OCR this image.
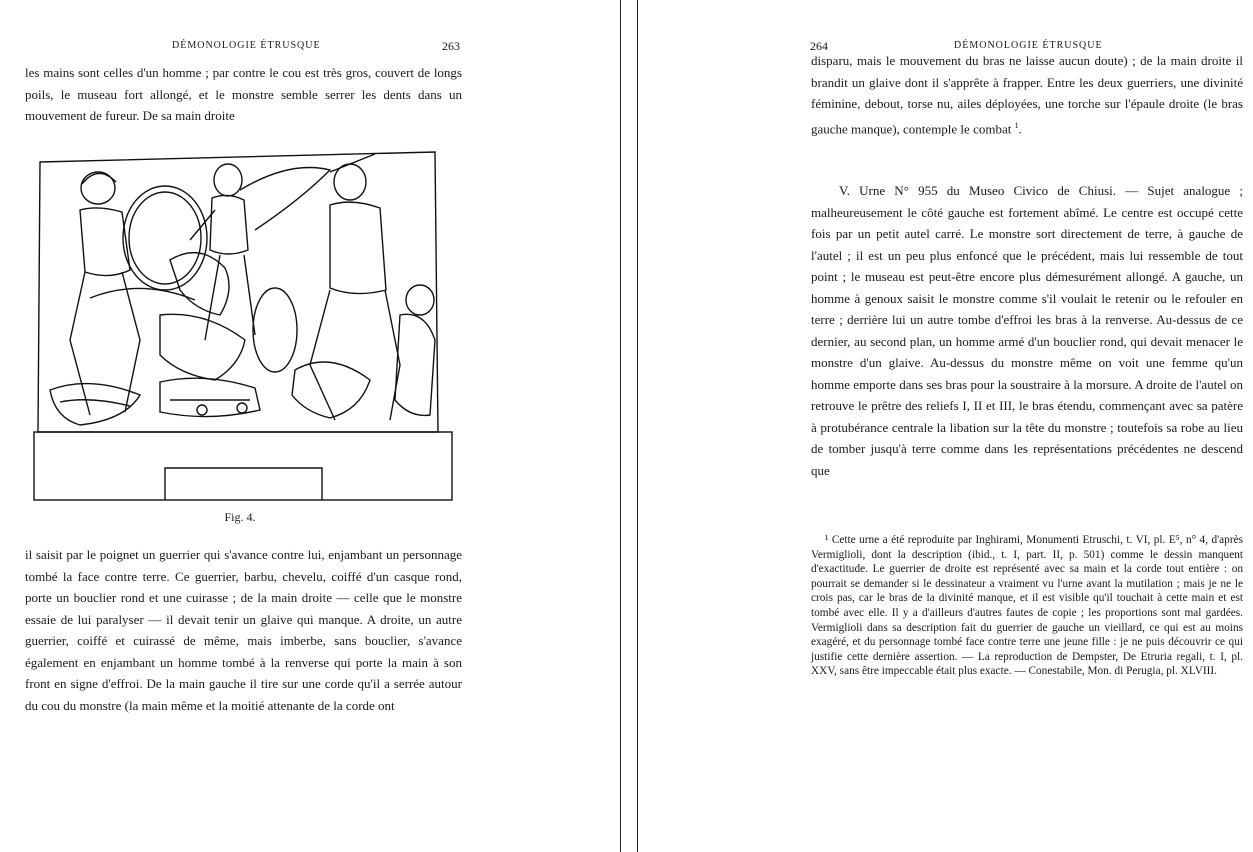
DÉMONOLOGIE ÉTRUSQUE	263

les mains sont celles d'un homme ; par contre le cou est très gros, couvert de longs poils, le museau fort allongé, et le monstre semble serrer les dents dans un mouvement de fureur. De sa main droite

Fig. 4.

il saisit par le poignet un guerrier qui s'avance contre lui, enjambant un personnage tombé la face contre terre. Ce guerrier, barbu, chevelu, coiffé d'un casque rond, porte un bouclier rond et une cuirasse ; de la main droite — celle que le monstre essaie de lui paralyser — il devait tenir un glaive qui manque. A droite, un autre guerrier, coiffé et cuirassé de même, mais imberbe, sans bouclier, s'avance également en enjambant un homme tombé à la renverse qui porte la main à son front en signe d'effroi. De la main gauche il tire sur une corde qu'il a serrée autour du cou du monstre (la main même et la moitié attenante de la corde ont

264	DÉMONOLOGIE ÉTRUSQUE

disparu, mais le mouvement du bras ne laisse aucun doute) ; de la main droite il brandit un glaive dont il s'apprête à frapper. Entre les deux guerriers, une divinité féminine, debout, torse nu, ailes déployées, une torche sur l'épaule droite (le bras gauche manque), contemple le combat $^1$.

V. Urne N° 955 du Museo Civico de Chiusi. — Sujet analogue ; malheureusement le côté gauche est fortement abîmé. Le centre est occupé cette fois par un petit autel carré. Le monstre sort directement de terre, à gauche de l'autel ; il est un peu plus enfoncé que le précédent, mais lui ressemble de tout point ; le museau est peut-être encore plus démesurément allongé. A gauche, un homme à genoux saisit le monstre comme s'il voulait le retenir ou le refouler en terre ; derrière lui un autre tombe d'effroi les bras à la renverse. Au-dessus de ce dernier, au second plan, un homme armé d'un bouclier rond, qui devait menacer le monstre d'un glaive. Au-dessus du monstre même on voit une femme qu'un homme emporte dans ses bras pour la soustraire à la morsure. A droite de l'autel on retrouve le prêtre des reliefs I, II et III, le bras étendu, commençant avec sa patère à protubérance centrale la libation sur la tête du monstre ; toutefois sa robe au lieu de tomber jusqu'à terre comme dans les représentations précédentes ne descend que

¹ Cette urne a été reproduite par Inghirami, Monumenti Etruschi, t. VI, pl. E⁵, n° 4, d'après Vermiglioli, dont la description (ibid., t. I, part. II, p. 501) comme le dessin manquent d'exactitude. Le guerrier de droite est représenté avec sa main et la corde tout entière : on pourrait se demander si le dessinateur a vraiment vu l'urne avant la mutilation ; mais je ne le crois pas, car le bras de la divinité manque, et il est visible qu'il touchait à cette main et est tombé avec elle. Il y a d'ailleurs d'autres fautes de copie ; les proportions sont mal gardées. Vermiglioli dans sa description fait du guerrier de gauche un vieillard, ce qui est au moins exagéré, et du personnage tombé face contre terre une jeune fille : je ne puis découvrir ce qui justifie cette dernière assertion. — La reproduction de Dempster, De Etruria regali, t. I, pl. XXV, sans être impeccable était plus exacte. — Conestabile, Mon. di Perugia, pl. XLVIII.
